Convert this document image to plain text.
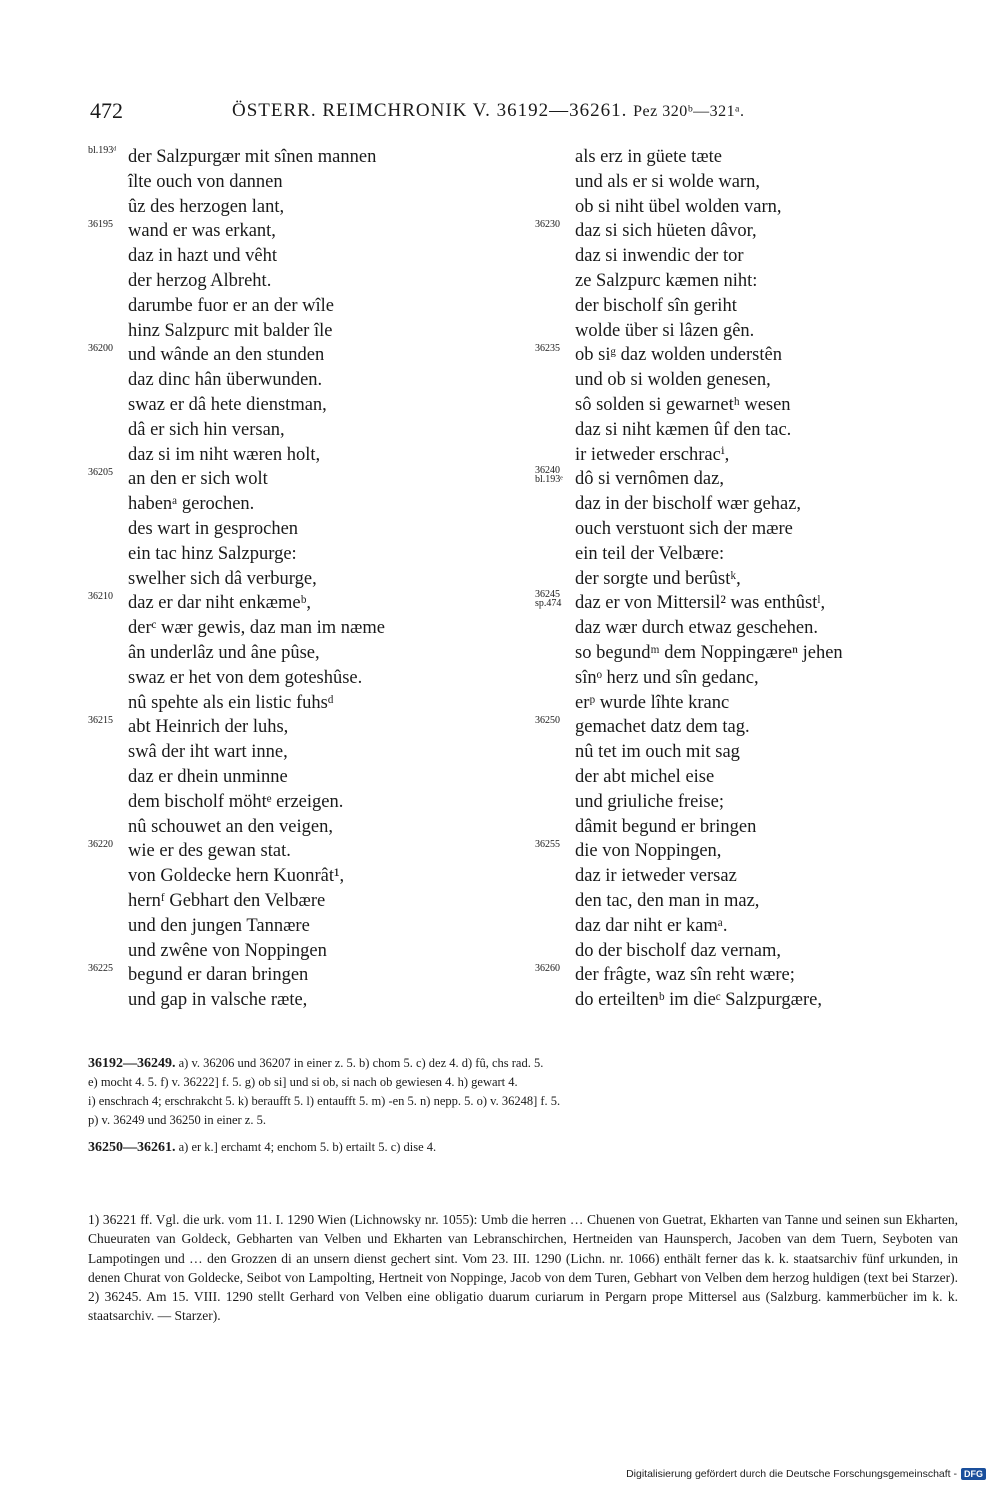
472	ÖSTERR. REIMCHRONIK V. 36192—36261. Pez 320ᵇ—321ᵃ.
bl.193ᵈ der Salzpurgær mit sînen mannen
îlte ouch von dannen
ûz des herzogen lant,
36195 wand er was erkant,
daz in hazt und vêht
der herzog Albreht.
darumbe fuor er an der wîle
hinz Salzpurc mit balder île
36200 und wânde an den stunden
daz dinc hân überwunden.
swaz er dâ hete dienstman,
dâ er sich hin versan,
daz si im niht wæren holt,
36205 an den er sich wolt
habenᵃ gerochen.
des wart in gesprochen
ein tac hinz Salzpurge:
swelher sich dâ verburge,
36210 daz er dar niht enkæmeᵇ,
derᶜ wær gewis, daz man im næme
ân underlâz und âne pûse,
swaz er het von dem goteshûse.
nû spehte als ein listic fuhsᵈ
36215 abt Heinrich der luhs,
swâ der iht wart inne,
daz er dhein unminne
dem bischolf möhtᵉ erzeigen.
nû schouwet an den veigen,
36220 wie er des gewan stat.
von Goldecke hern Kuonrât¹,
hernᶠ Gebhart den Velbære
und den jungen Tannære
und zwêne von Noppingen
36225 begund er daran bringen
und gap in valsche ræte,
als erz in güete tæte
und als er si wolde warn,
ob si niht übel wolden varn,
36230 daz si sich hüeten dâvor,
daz si inwendic der tor
ze Salzpurc kæmen niht:
der bischolf sîn geriht
wolde über si lâzen gên.
36235 ob siᵍ daz wolden understên
und ob si wolden genesen,
sô solden si gewarnetʰ wesen
daz si niht kæmen ûf den tac.
ir ietweder erschracⁱ,
36240
bl.193ᵉ dô si vernômen daz,
daz in der bischolf wær gehaz,
ouch verstuont sich der mære
ein teil der Velbære:
der sorgte und berûstᵏ,
36245
sp.474 daz er von Mittersil² was enthûstˡ,
daz wær durch etwaz geschehen.
so begundᵐ dem Noppingæreⁿ jehen
sînᵒ herz und sîn gedanc,
erᵖ wurde lîhte kranc
36250 gemachet datz dem tag.
nû tet im ouch mit sag
der abt michel eise
und griuliche freise;
dâmit begund er bringen
36255 die von Noppingen,
daz ir ietweder versaz
den tac, den man in maz,
daz dar niht er kamᵃ.
do der bischolf daz vernam,
36260 der frâgte, waz sîn reht wære;
do erteiltenᵇ im dieᶜ Salzpurgære,
36192—36249. a) v. 36206 und 36207 in einer z. 5. b) chom 5. c) dez 4. d) fû, chs rad. 5.
e) mocht 4. 5. f) v. 36222] f. 5. g) ob si] und si ob, si nach ob gewiesen 4. h) gewart 4.
i) enschrach 4; erschrakcht 5. k) beraufft 5. l) entaufft 5. m) -en 5. n) nepp. 5. o) v. 36248] f. 5.
p) v. 36249 und 36250 in einer z. 5.
36250—36261. a) er k.] erchamt 4; enchom 5. b) ertailt 5. c) dise 4.
1) 36221 ff. Vgl. die urk. vom 11. I. 1290 Wien (Lichnowsky nr. 1055): Umb die herren … Chuenen von Guetrat, Ekharten van Tanne und seinen sun Ekharten, Chueuraten van Goldeck, Gebharten van Velben und Ekharten van Lebranschirchen, Hertneiden van Haunsperch, Jacoben van dem Tuern, Seyboten van Lampotingen und … den Grozzen di an unsern dienst gechert sint. Vom 23. III. 1290 (Lichn. nr. 1066) enthält ferner das k. k. staatsarchiv fünf urkunden, in denen Churat von Goldecke, Seibot von Lampolting, Hertneit von Noppinge, Jacob von dem Turen, Gebhart von Velben dem herzog huldigen (text bei Starzer). 2) 36245. Am 15. VIII. 1290 stellt Gerhard von Velben eine obligatio duarum curiarum in Pergarn prope Mittersel aus (Salzburg. kammerbücher im k. k. staatsarchiv. — Starzer).
Digitalisierung gefördert durch die Deutsche Forschungsgemeinschaft - DFG
